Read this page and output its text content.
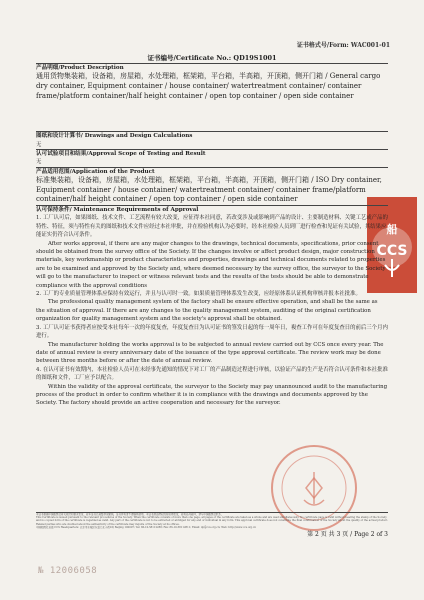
证书格式号/Form: WAC001-01
证书编号/Certificate No.: QD19S1001
船
CCS
产品明细/Product Description

通用货物集装箱，设备箱，房屋箱，水处理箱，框架箱，平台箱，半高箱，开顶箱，侧开门箱 / General cargo dry container, Equipment container / house container/ watertreatment container/ container frame/platform container/half height container / open top container / open side container

图纸和设计计算书/ Drawings and Design Calculations

无

认可试验项目和结果/Approval Scope of Testing and Result

无

产品适用范围/Application of the Product

标准集装箱，设备箱，房屋箱，水处理箱，框架箱，平台箱，半高箱，开顶箱，侧开门箱 / ISO Dry container, Equipment container / house container/ watertreatment container/ container frame/platform container/half height container / open top container / open side container

认可保持条件/ Maintenance Requirements of Approval

1. 工厂认可后，如果图纸、技术文件、工艺流程有较大改变，应征得本社同意，若改变涉及或影响到产品的设计、主要制造材料、关键工艺或产品的特性、特征，须与特性有关的图纸和技术文件应经过本社审批，并在检验机构认为必要时，经本社检验人员到厂进行检查和见证有关试验，其结果应能证实仍符合认可条件。

After works approval, if there are any major changes to the drawings, technical documents, specifications, prior consent should be obtained from the survey office of the Society. If the changes involve or affect product design, major construction materials, key workmanship or product characteristics and properties, drawings and technical documents related to properties are to be examined and approved by the Society and, where deemed necessary by the survey office, the surveyor to the Society will go to the manufacturer to inspect or witness relevant tests and the results of the tests should be able to demonstrate compliance with the approval conditions

2. 工厂的专业质量管理体系应保持有效运行，并且与认可时一致。如果质量管理体系发生改变，应经原体系认证机构审核并报本社批准。

The professional quality management system of the factory shall be ensure effective operation, and shall be the same as the situation of approval. If there are any changes to the quality management system, auditing of the original certification organization for quality management system and the society's approval shall be obtained.

3. 工厂认可证书获得者应按受本社每年一次的年度复查，年度复查日为认可证书的签发日起的每一周年日，複查工作可在年度复查日的前后三个月内进行。

The manufacturer holding the works approval is to be subjected to annual review carried out by CCS once every year. The date of annual review is every anniversary date of the issuance of the type approval certificate. The review work may be done between three months before or after the date of annual review.

4. 在认可证书有效期内，本社检验人员可在未经事先通知的情况下对工厂的产品制造过程进行审核，以验证产品的生产是否符合认可条件和本社批准的图纸和文件，工厂应予以配合。

Within the validity of the approval certificate, the surveyor to the Society may pay unannounced audit to the manufacturing process of the product in order to confirm whether it is in compliance with the drawings and documents approved by the Society. The factory should provide an active cooperation and necessary for the surveyor.

本证书根据中国船级社有关规范和要求签发。若本证书已被暂停或撤销，证书持有者不得继续使用。本证书须由授权的检验师签发，若有任何疑问，请与中国船级社联系。

This Certificate is issued pursuant to the relevant procedures of the Society. When the certificate consists of more than one page, all pages of the certificate are taken as a whole and are used simultaneously. No certificate page is valid without bearing the stamp of the Society and no copied form of the certificate is regarded as valid. Any part of the certificate is not to be extracted or abridged for any end or individual in any form. This approval certificate does not constitute the final confirmation of the Society about the quality of the actual product. Related parties who are doubted about the authenticity of the certificate may inquire of the Society at its offices.

中国船级社总部 CCS Headquarters: 北京市东城区东直门北小街9号 Beijing 100007; Tel: 86-10-58112288; Fax: 86-10-58112811; Email: dp@ccs.org.cn; Web: http://www.ccs.org.cn

第 2 页 共 3 页 / Page 2 of 3
№ 12006058
